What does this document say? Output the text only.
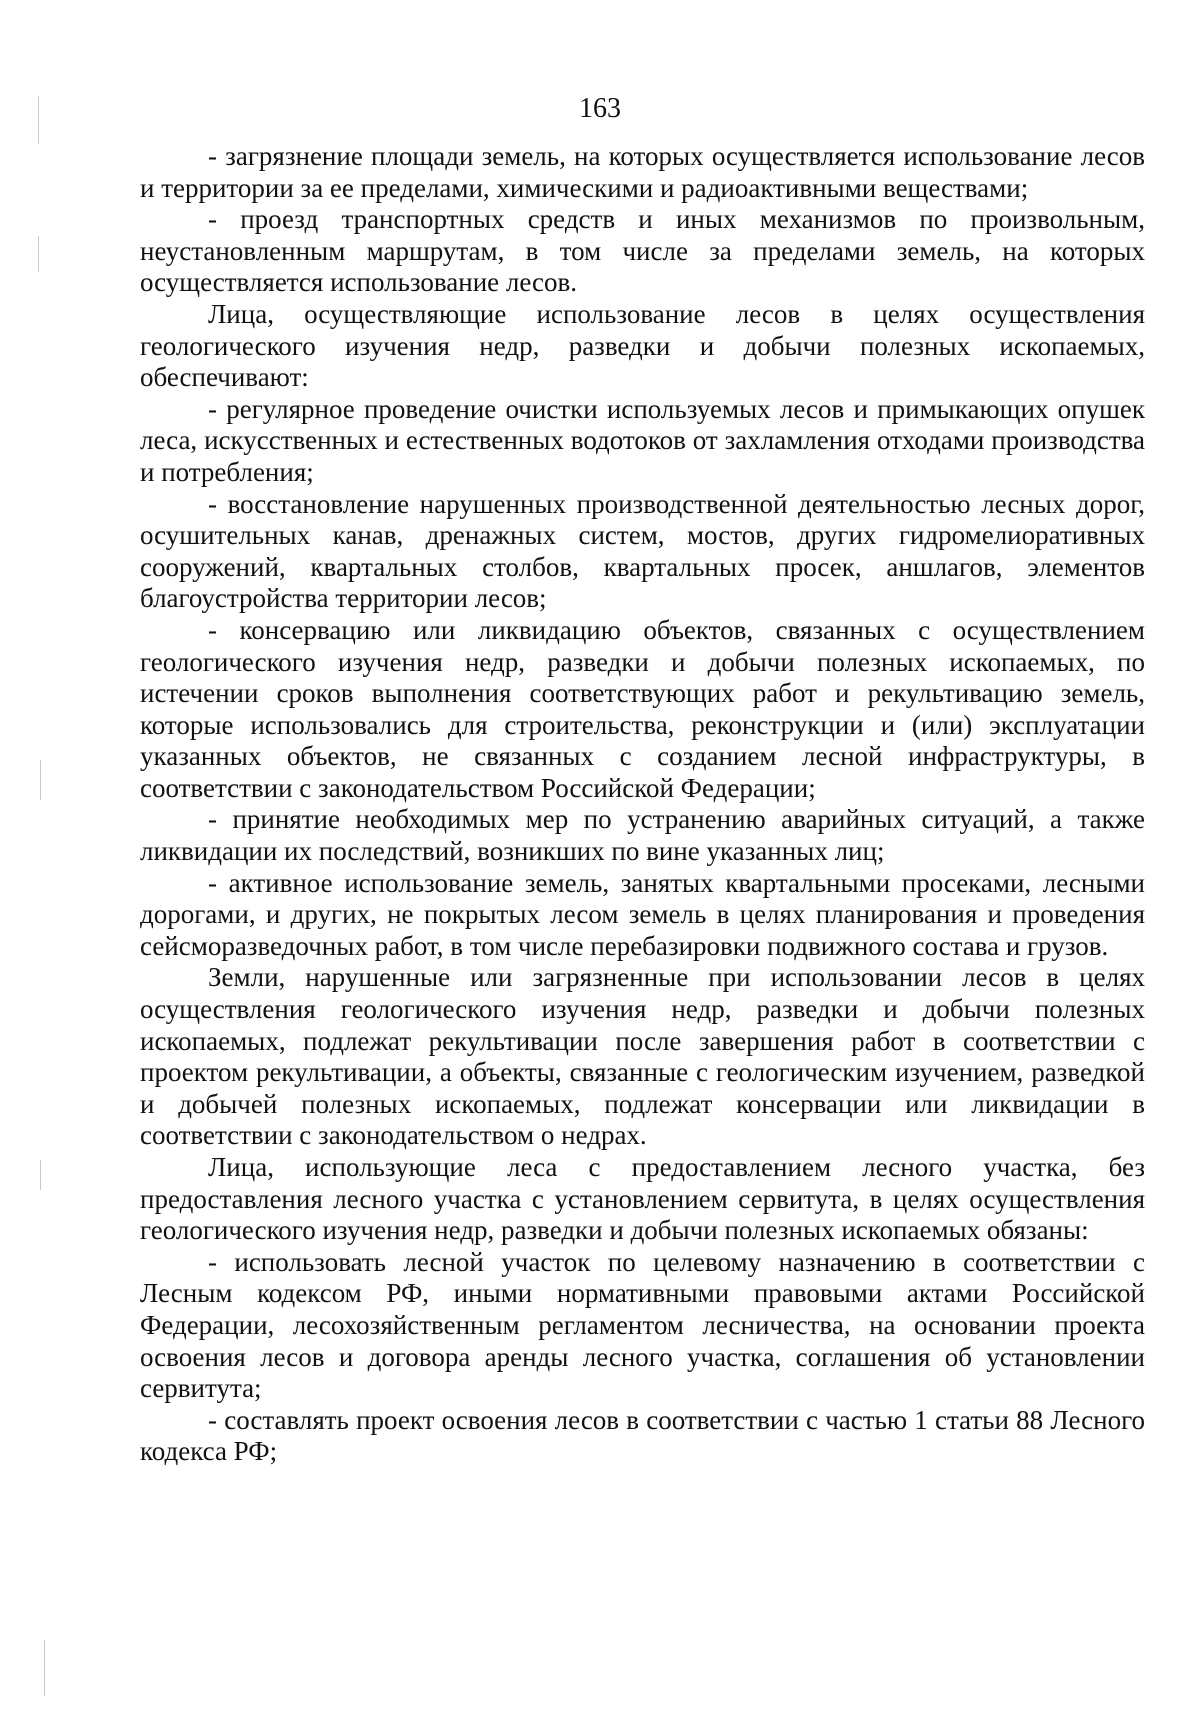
163

- загрязнение площади земель, на которых осуществляется использование лесов и территории за ее пределами, химическими и радиоактивными веществами;

- проезд транспортных средств и иных механизмов по произвольным, неустановленным маршрутам, в том числе за пределами земель, на которых осуществляется использование лесов.

Лица, осуществляющие использование лесов в целях осуществления геологического изучения недр, разведки и добычи полезных ископаемых, обеспечивают:

- регулярное проведение очистки используемых лесов и примыкающих опушек леса, искусственных и естественных водотоков от захламления отходами производства и потребления;

- восстановление нарушенных производственной деятельностью лесных дорог, осушительных канав, дренажных систем, мостов, других гидромелиоративных сооружений, квартальных столбов, квартальных просек, аншлагов, элементов благоустройства территории лесов;

- консервацию или ликвидацию объектов, связанных с осуществлением геологического изучения недр, разведки и добычи полезных ископаемых, по истечении сроков выполнения соответствующих работ и рекультивацию земель, которые использовались для строительства, реконструкции и (или) эксплуатации указанных объектов, не связанных с созданием лесной инфраструктуры, в соответствии с законодательством Российской Федерации;

- принятие необходимых мер по устранению аварийных ситуаций, а также ликвидации их последствий, возникших по вине указанных лиц;

- активное использование земель, занятых квартальными просеками, лесными дорогами, и других, не покрытых лесом земель в целях планирования и проведения сейсморазведочных работ, в том числе перебазировки подвижного состава и грузов.

Земли, нарушенные или загрязненные при использовании лесов в целях осуществления геологического изучения недр, разведки и добычи полезных ископаемых, подлежат рекультивации после завершения работ в соответствии с проектом рекультивации, а объекты, связанные с геологическим изучением, разведкой и добычей полезных ископаемых, подлежат консервации или ликвидации в соответствии с законодательством о недрах.

Лица, использующие леса с предоставлением лесного участка, без предоставления лесного участка с установлением сервитута, в целях осуществления геологического изучения недр, разведки и добычи полезных ископаемых обязаны:

- использовать лесной участок по целевому назначению в соответствии с Лесным кодексом РФ, иными нормативными правовыми актами Российской Федерации, лесохозяйственным регламентом лесничества, на основании проекта освоения лесов и договора аренды лесного участка, соглашения об установлении сервитута;

- составлять проект освоения лесов в соответствии с частью 1 статьи 88 Лесного кодекса РФ;
